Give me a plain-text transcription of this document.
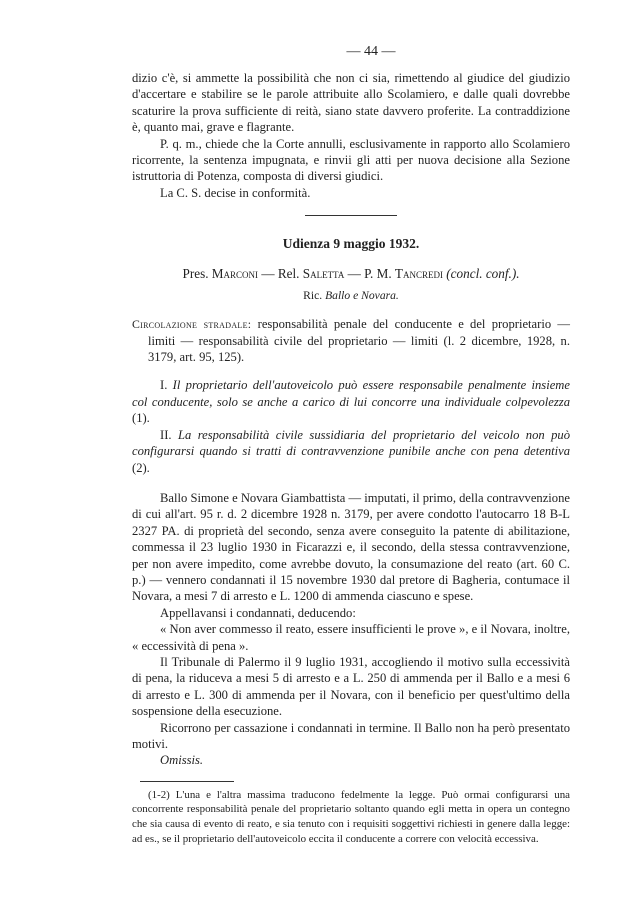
— 44 —

dizio c'è, si ammette la possibilità che non ci sia, rimettendo al giudice del giudizio d'accertare e stabilire se le parole attribuite allo Scolamiero, e dalle quali dovrebbe scaturire la prova sufficiente di reità, siano state davvero proferite. La contraddizione è, quanto mai, grave e flagrante.

P. q. m., chiede che la Corte annulli, esclusivamente in rapporto allo Scolamiero ricorrente, la sentenza impugnata, e rinvii gli atti per nuova decisione alla Sezione istruttoria di Potenza, composta di diversi giudici.

La C. S. decise in conformità.

Udienza 9 maggio 1932.
Pres. Marconi — Rel. Saletta — P. M. Tancredi (concl. conf.).
Ric. Ballo e Novara.

Circolazione stradale: responsabilità penale del conducente e del proprietario — limiti — responsabilità civile del proprietario — limiti (l. 2 dicembre, 1928, n. 3179, art. 95, 125).

I. Il proprietario dell'autoveicolo può essere responsabile penalmente insieme col conducente, solo se anche a carico di lui concorre una individuale colpevolezza (1).

II. La responsabilità civile sussidiaria del proprietario del veicolo non può configurarsi quando si tratti di contravvenzione punibile anche con pena detentiva (2).

Ballo Simone e Novara Giambattista — imputati, il primo, della contravvenzione di cui all'art. 95 r. d. 2 dicembre 1928 n. 3179, per avere condotto l'autocarro 18 B-L 2327 PA. di proprietà del secondo, senza avere conseguito la patente di abilitazione, commessa il 23 luglio 1930 in Ficarazzi e, il secondo, della stessa contravvenzione, per non avere impedito, come avrebbe dovuto, la consumazione del reato (art. 60 C. p.) — vennero condannati il 15 novembre 1930 dal pretore di Bagheria, contumace il Novara, a mesi 7 di arresto e L. 1200 di ammenda ciascuno e spese.

Appellavansi i condannati, deducendo:

« Non aver commesso il reato, essere insufficienti le prove », e il Novara, inoltre, « eccessività di pena ».

Il Tribunale di Palermo il 9 luglio 1931, accogliendo il motivo sulla eccessività di pena, la riduceva a mesi 5 di arresto e a L. 250 di ammenda per il Ballo e a mesi 6 di arresto e L. 300 di ammenda per il Novara, con il beneficio per quest'ultimo della sospensione della esecuzione.

Ricorrono per cassazione i condannati in termine. Il Ballo non ha però presentato motivi.

Omissis.

(1-2) L'una e l'altra massima traducono fedelmente la legge. Può ormai configurarsi una concorrente responsabilità penale del proprietario soltanto quando egli metta in opera un contegno che sia causa di evento di reato, e sia tenuto con i requisiti soggettivi richiesti in genere dalla legge: ad es., se il proprietario dell'autoveicolo eccita il conducente a correre con velocità eccessiva.
